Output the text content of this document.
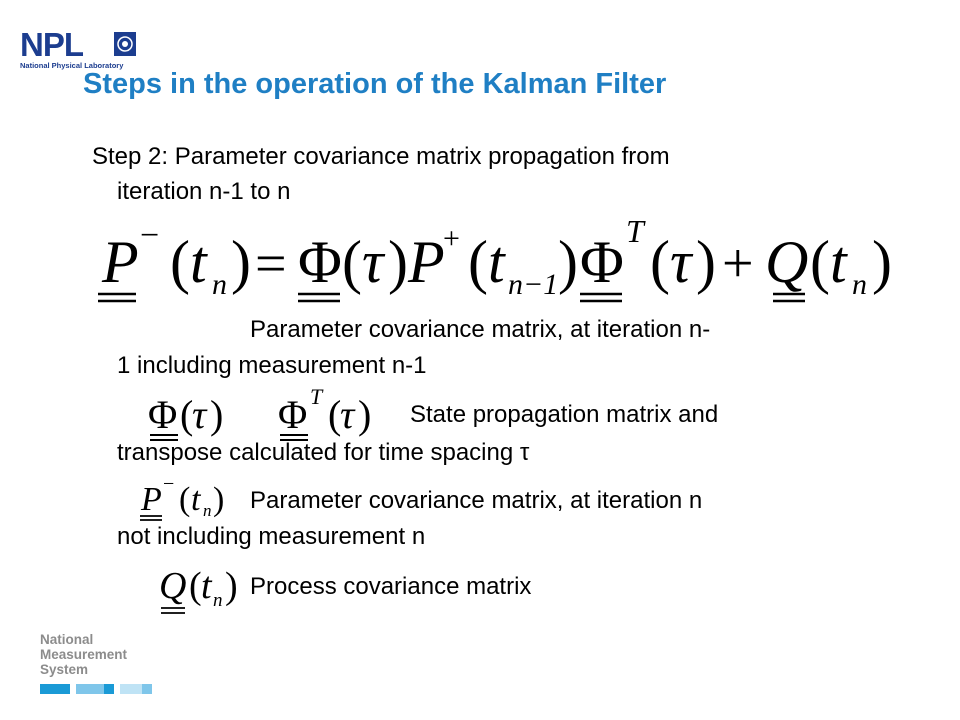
NPL
National Physical Laboratory
Steps in the operation of the Kalman Filter
Step 2: Parameter covariance matrix propagation from
iteration n-1 to n
P − ( t n ) = Φ ( τ ) P
+ ( t n−1 ) Φ T ( τ ) + Q ( t n )
Parameter covariance matrix, at iteration n-
1 including measurement n-1
Φ (
τ ) Φ T (
τ ) State propagation matrix and
transpose calculated for time spacing τ
P − ( t n ) Parameter covariance matrix, at iteration n
not including measurement n
Q ( t n ) Process covariance matrix
National
Measurement
System
